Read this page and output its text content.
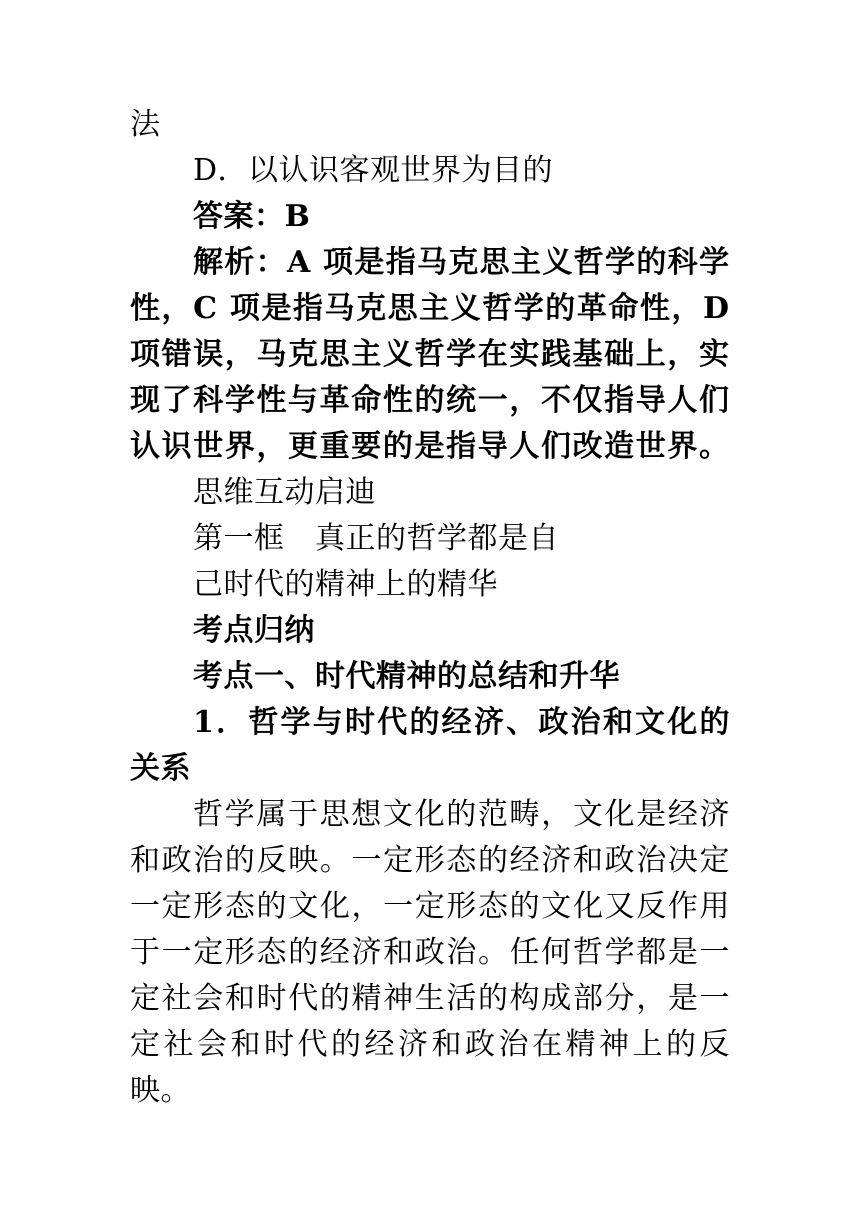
法
D．以认识客观世界为目的
答案：B
解析：A 项是指马克思主义哲学的科学
性，C 项是指马克思主义哲学的革命性，D
项错误，马克思主义哲学在实践基础上，实
现了科学性与革命性的统一，不仅指导人们
认识世界，更重要的是指导人们改造世界。
思维互动启迪
第一框　真正的哲学都是自
己时代的精神上的精华
考点归纳
考点一、时代精神的总结和升华
1．哲学与时代的经济、政治和文化的
关系
哲学属于思想文化的范畴，文化是经济
和政治的反映。一定形态的经济和政治决定
一定形态的文化，一定形态的文化又反作用
于一定形态的经济和政治。任何哲学都是一
定社会和时代的精神生活的构成部分，是一
定社会和时代的经济和政治在精神上的反
映。
